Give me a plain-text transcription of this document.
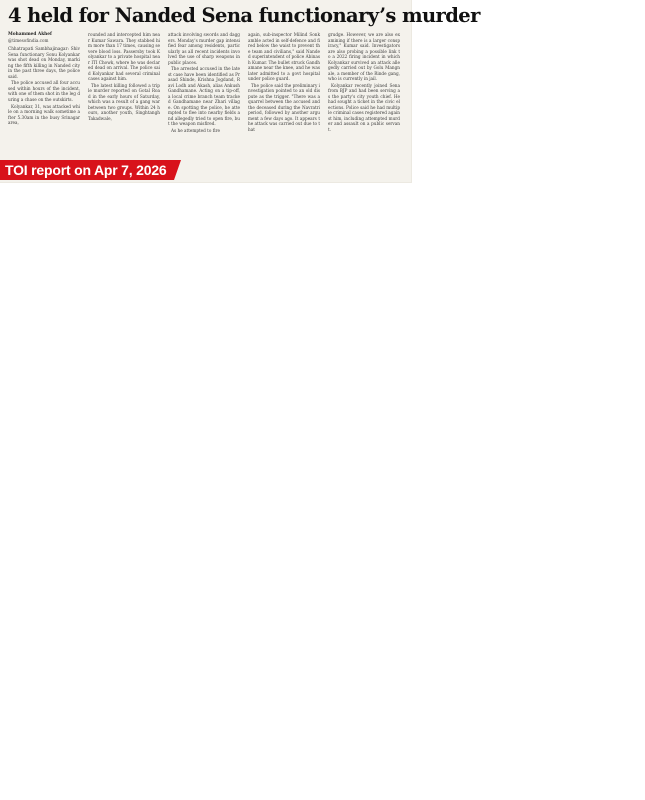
4 held for Nanded Sena functionary’s murder
Mohammed Akhef
@timesofindia.com

Chhatrapati Sambhajinagar: Shiv Sena functionary Sonu Kolyankar was shot dead on Monday, marking the fifth killing in Nanded city in the past three days, the police said.

The police accused all four accused within hours of the incident, with one of them shot in the leg during a chase on the outskirts.

Kolyankar, 31, was attacked while on a morning walk sometime after 5.30am in the busy Srinagar area,

rounded and intercepted him near Kumar Sawara. They stabbed him more than 17 times, causing severe blood loss. Passersby took Kolyankar to a private hospital near ITI Chowk, where he was declared dead on arrival. The police said Kolyankar had several criminal cases against him.

The latest killing followed a triple murder reported on Gotal Road in the early hours of Saturday, which was a result of a gang war between two groups. Within 24 hours, another youth, Singhtangh Takadwale,

attack involving swords and daggers. Monday's murder gap intensified fear among residents, particularly as all recent incidents involved the use of sharp weapons in public places.

The arrested accused in the latest case have been identified as Prasad Shinde, Krishna Jogdand, Ravi Lodh and Akash, alias Ankush Gandhamane. Acting on a tip-off, a local crime branch team tracked Gandhamane near Zhari village. On spotting the police, he attempted to flee into nearby fields and allegedly tried to open fire, but the weapon misfired.

As he attempted to fire

again, sub-inspector Milind Sonkamble acted in self-defence and fired below the waist to prevent the team and civilians," said Nanded superintendent of police Abinash Kumar. The bullet struck Gandhamane near the knee, and he was later admitted to a govt hospital under police guard.

The police said the preliminary investigation pointed to an old dispute as the trigger. "There was a quarrel between the accused and the deceased during the Navratri period, followed by another argument a few days ago. It appears the attack was carried out due to that

grudge. However, we are also examining if there is a larger conspiracy," Kumar said. Investigators are also probing a possible link to a 2022 firing incident in which Kolyankar survived an attack allegedly carried out by Golu Mangnale, a member of the Rinde gang, who is currently in jail.

Kolyankar recently joined Sena from BJP and had been serving as the party's city youth chief. He had sought a ticket in the civic elections. Police said he had multiple criminal cases registered against him, including attempted murder and assault on a public servant.

TOI report on Apr 7, 2026
